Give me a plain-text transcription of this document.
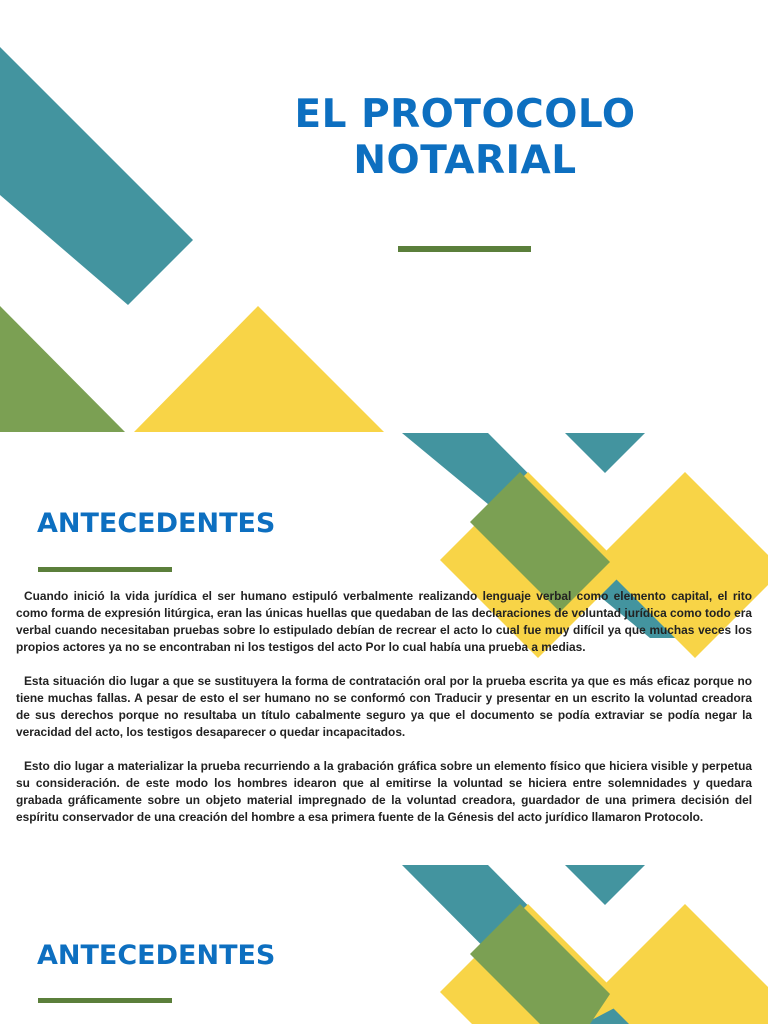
EL PROTOCOLO
NOTARIAL
ANTECEDENTES

Cuando inició la vida jurídica el ser humano estipuló verbalmente realizando lenguaje verbal como elemento capital, el rito como forma de expresión litúrgica, eran las únicas huellas que quedaban de las declaraciones de voluntad jurídica como todo era verbal cuando necesitaban pruebas sobre lo estipulado debían de recrear el acto lo cual fue muy difícil ya que muchas veces los propios actores ya no se encontraban ni los testigos del acto Por lo cual había una prueba a medias.

Esta situación dio lugar a que se sustituyera la forma de contratación oral por la prueba escrita ya que es más eficaz porque no tiene muchas fallas. A pesar de esto el ser humano no se conformó con Traducir y presentar en un escrito la voluntad creadora de sus derechos porque no resultaba un título cabalmente seguro ya que el documento se podía extraviar se podía negar la veracidad del acto, los testigos desaparecer o quedar incapacitados.

Esto dio lugar a materializar la prueba recurriendo a la grabación gráfica sobre un elemento físico que hiciera visible y perpetua su consideración. de este modo los hombres idearon que al emitirse la voluntad se hiciera entre solemnidades y quedara grabada gráficamente sobre un objeto material impregnado de la voluntad creadora, guardador de una primera decisión del espíritu conservador de una creación del hombre a esa primera fuente de la Génesis del acto jurídico llamaron Protocolo.

ANTECEDENTES
